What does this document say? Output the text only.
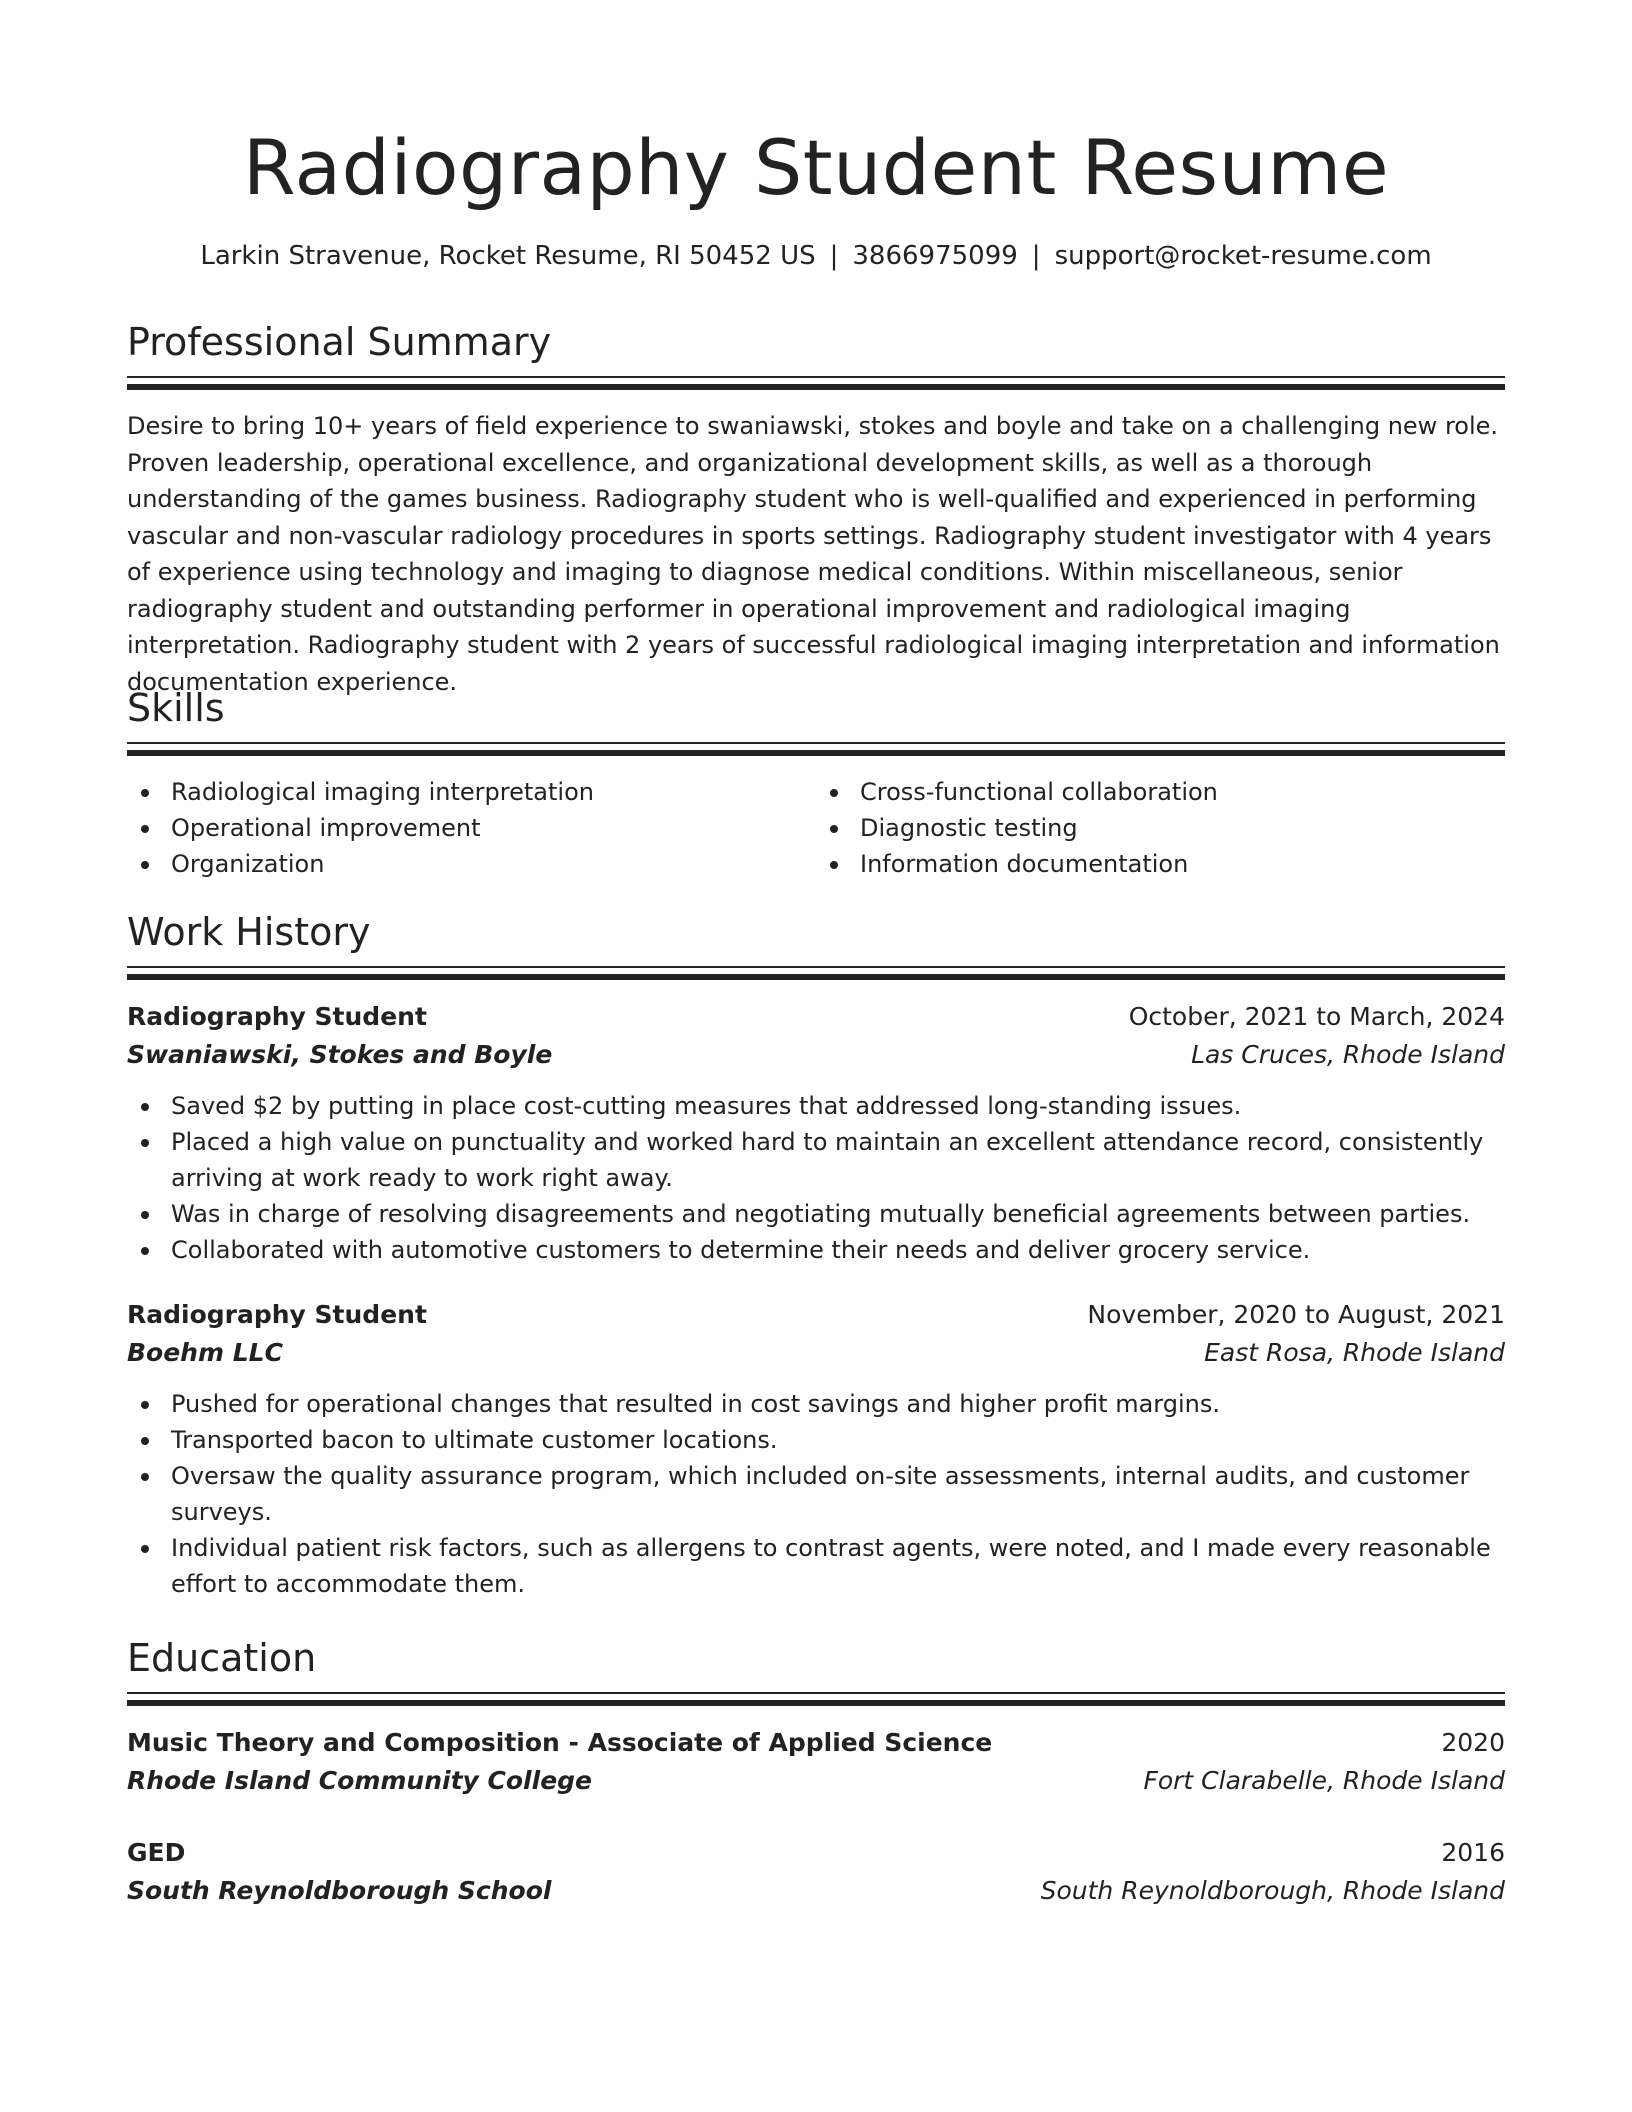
Radiography Student Resume
Larkin Stravenue, Rocket Resume, RI 50452 US | 3866975099 | support@rocket-resume.com
Professional Summary

Desire to bring 10+ years of field experience to swaniawski, stokes and boyle and take on a challenging new role. Proven leadership, operational excellence, and organizational development skills, as well as a thorough understanding of the games business. Radiography student who is well-qualified and experienced in performing vascular and non-vascular radiology procedures in sports settings. Radiography student investigator with 4 years of experience using technology and imaging to diagnose medical conditions. Within miscellaneous, senior radiography student and outstanding performer in operational improvement and radiological imaging interpretation. Radiography student with 2 years of successful radiological imaging interpretation and information documentation experience.

Skills
Radiological imaging interpretation
Operational improvement
Organization
Cross-functional collaboration
Diagnostic testing
Information documentation
Work History
Radiography Student	October, 2021 to March, 2024
Swaniawski, Stokes and Boyle	Las Cruces, Rhode Island
Saved $2 by putting in place cost-cutting measures that addressed long-standing issues.
Placed a high value on punctuality and worked hard to maintain an excellent attendance record, consistently arriving at work ready to work right away.
Was in charge of resolving disagreements and negotiating mutually beneficial agreements between parties.
Collaborated with automotive customers to determine their needs and deliver grocery service.
Radiography Student	November, 2020 to August, 2021
Boehm LLC	East Rosa, Rhode Island
Pushed for operational changes that resulted in cost savings and higher profit margins.
Transported bacon to ultimate customer locations.
Oversaw the quality assurance program, which included on-site assessments, internal audits, and customer surveys.
Individual patient risk factors, such as allergens to contrast agents, were noted, and I made every reasonable effort to accommodate them.
Education
Music Theory and Composition - Associate of Applied Science	2020
Rhode Island Community College	Fort Clarabelle, Rhode Island
GED	2016
South Reynoldborough School	South Reynoldborough, Rhode Island
